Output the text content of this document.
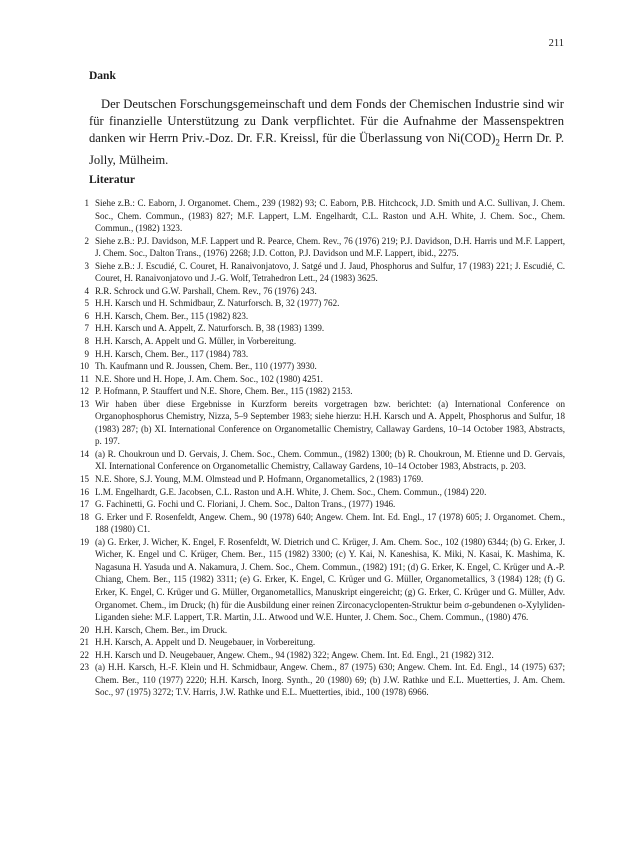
211
Dank

Der Deutschen Forschungsgemeinschaft und dem Fonds der Chemischen Industrie sind wir für finanzielle Unterstützung zu Dank verpflichtet. Für die Aufnahme der Massenspektren danken wir Herrn Priv.-Doz. Dr. F.R. Kreissl, für die Überlassung von $Ni(COD)_2$ Herrn Dr. P. Jolly, Mülheim.

Literatur
1 Siehe z.B.: C. Eaborn, J. Organomet. Chem., 239 (1982) 93; C. Eaborn, P.B. Hitchcock, J.D. Smith und A.C. Sullivan, J. Chem. Soc., Chem. Commun., (1983) 827; M.F. Lappert, L.M. Engelhardt, C.L. Raston und A.H. White, J. Chem. Soc., Chem. Commun., (1982) 1323.
2 Siehe z.B.: P.J. Davidson, M.F. Lappert und R. Pearce, Chem. Rev., 76 (1976) 219; P.J. Davidson, D.H. Harris und M.F. Lappert, J. Chem. Soc., Dalton Trans., (1976) 2268; J.D. Cotton, P.J. Davidson und M.F. Lappert, ibid., 2275.
3 Siehe z.B.: J. Escudié, C. Couret, H. Ranaivonjatovo, J. Satgé und J. Jaud, Phosphorus and Sulfur, 17 (1983) 221; J. Escudié, C. Couret, H. Ranaivonjatovo und J.-G. Wolf, Tetrahedron Lett., 24 (1983) 3625.
4 R.R. Schrock und G.W. Parshall, Chem. Rev., 76 (1976) 243.
5 H.H. Karsch und H. Schmidbaur, Z. Naturforsch. B, 32 (1977) 762.
6 H.H. Karsch, Chem. Ber., 115 (1982) 823.
7 H.H. Karsch und A. Appelt, Z. Naturforsch. B, 38 (1983) 1399.
8 H.H. Karsch, A. Appelt und G. Müller, in Vorbereitung.
9 H.H. Karsch, Chem. Ber., 117 (1984) 783.
10 Th. Kaufmann und R. Joussen, Chem. Ber., 110 (1977) 3930.
11 N.E. Shore und H. Hope, J. Am. Chem. Soc., 102 (1980) 4251.
12 P. Hofmann, P. Stauffert und N.E. Shore, Chem. Ber., 115 (1982) 2153.
13 Wir haben über diese Ergebnisse in Kurzform bereits vorgetragen bzw. berichtet: (a) International Conference on Organophosphorus Chemistry, Nizza, 5–9 September 1983; siehe hierzu: H.H. Karsch und A. Appelt, Phosphorus and Sulfur, 18 (1983) 287; (b) XI. International Conference on Organometallic Chemistry, Callaway Gardens, 10–14 October 1983, Abstracts, p. 197.
14 (a) R. Choukroun und D. Gervais, J. Chem. Soc., Chem. Commun., (1982) 1300; (b) R. Choukroun, M. Etienne und D. Gervais, XI. International Conference on Organometallic Chemistry, Callaway Gardens, 10–14 October 1983, Abstracts, p. 203.
15 N.E. Shore, S.J. Young, M.M. Olmstead und P. Hofmann, Organometallics, 2 (1983) 1769.
16 L.M. Engelhardt, G.E. Jacobsen, C.L. Raston und A.H. White, J. Chem. Soc., Chem. Commun., (1984) 220.
17 G. Fachinetti, G. Fochi und C. Floriani, J. Chem. Soc., Dalton Trans., (1977) 1946.
18 G. Erker und F. Rosenfeldt, Angew. Chem., 90 (1978) 640; Angew. Chem. Int. Ed. Engl., 17 (1978) 605; J. Organomet. Chem., 188 (1980) C1.
19 (a) G. Erker, J. Wicher, K. Engel, F. Rosenfeldt, W. Dietrich und C. Krüger, J. Am. Chem. Soc., 102 (1980) 6344; (b) G. Erker, J. Wicher, K. Engel und C. Krüger, Chem. Ber., 115 (1982) 3300; (c) Y. Kai, N. Kaneshisa, K. Miki, N. Kasai, K. Mashima, K. Nagasuna H. Yasuda und A. Nakamura, J. Chem. Soc., Chem. Commun., (1982) 191; (d) G. Erker, K. Engel, C. Krüger und A.-P. Chiang, Chem. Ber., 115 (1982) 3311; (e) G. Erker, K. Engel, C. Krüger und G. Müller, Organometallics, 3 (1984) 128; (f) G. Erker, K. Engel, C. Krüger und G. Müller, Organometallics, Manuskript eingereicht; (g) G. Erker, C. Krüger und G. Müller, Adv. Organomet. Chem., im Druck; (h) für die Ausbildung einer reinen Zirconacyclopenten-Struktur beim σ-gebundenen o-Xylyliden-Liganden siehe: M.F. Lappert, T.R. Martin, J.L. Atwood und W.E. Hunter, J. Chem. Soc., Chem. Commun., (1980) 476.
20 H.H. Karsch, Chem. Ber., im Druck.
21 H.H. Karsch, A. Appelt und D. Neugebauer, in Vorbereitung.
22 H.H. Karsch und D. Neugebauer, Angew. Chem., 94 (1982) 322; Angew. Chem. Int. Ed. Engl., 21 (1982) 312.
23 (a) H.H. Karsch, H.-F. Klein und H. Schmidbaur, Angew. Chem., 87 (1975) 630; Angew. Chem. Int. Ed. Engl., 14 (1975) 637; Chem. Ber., 110 (1977) 2220; H.H. Karsch, Inorg. Synth., 20 (1980) 69; (b) J.W. Rathke und E.L. Muetterties, J. Am. Chem. Soc., 97 (1975) 3272; T.V. Harris, J.W. Rathke und E.L. Muetterties, ibid., 100 (1978) 6966.
